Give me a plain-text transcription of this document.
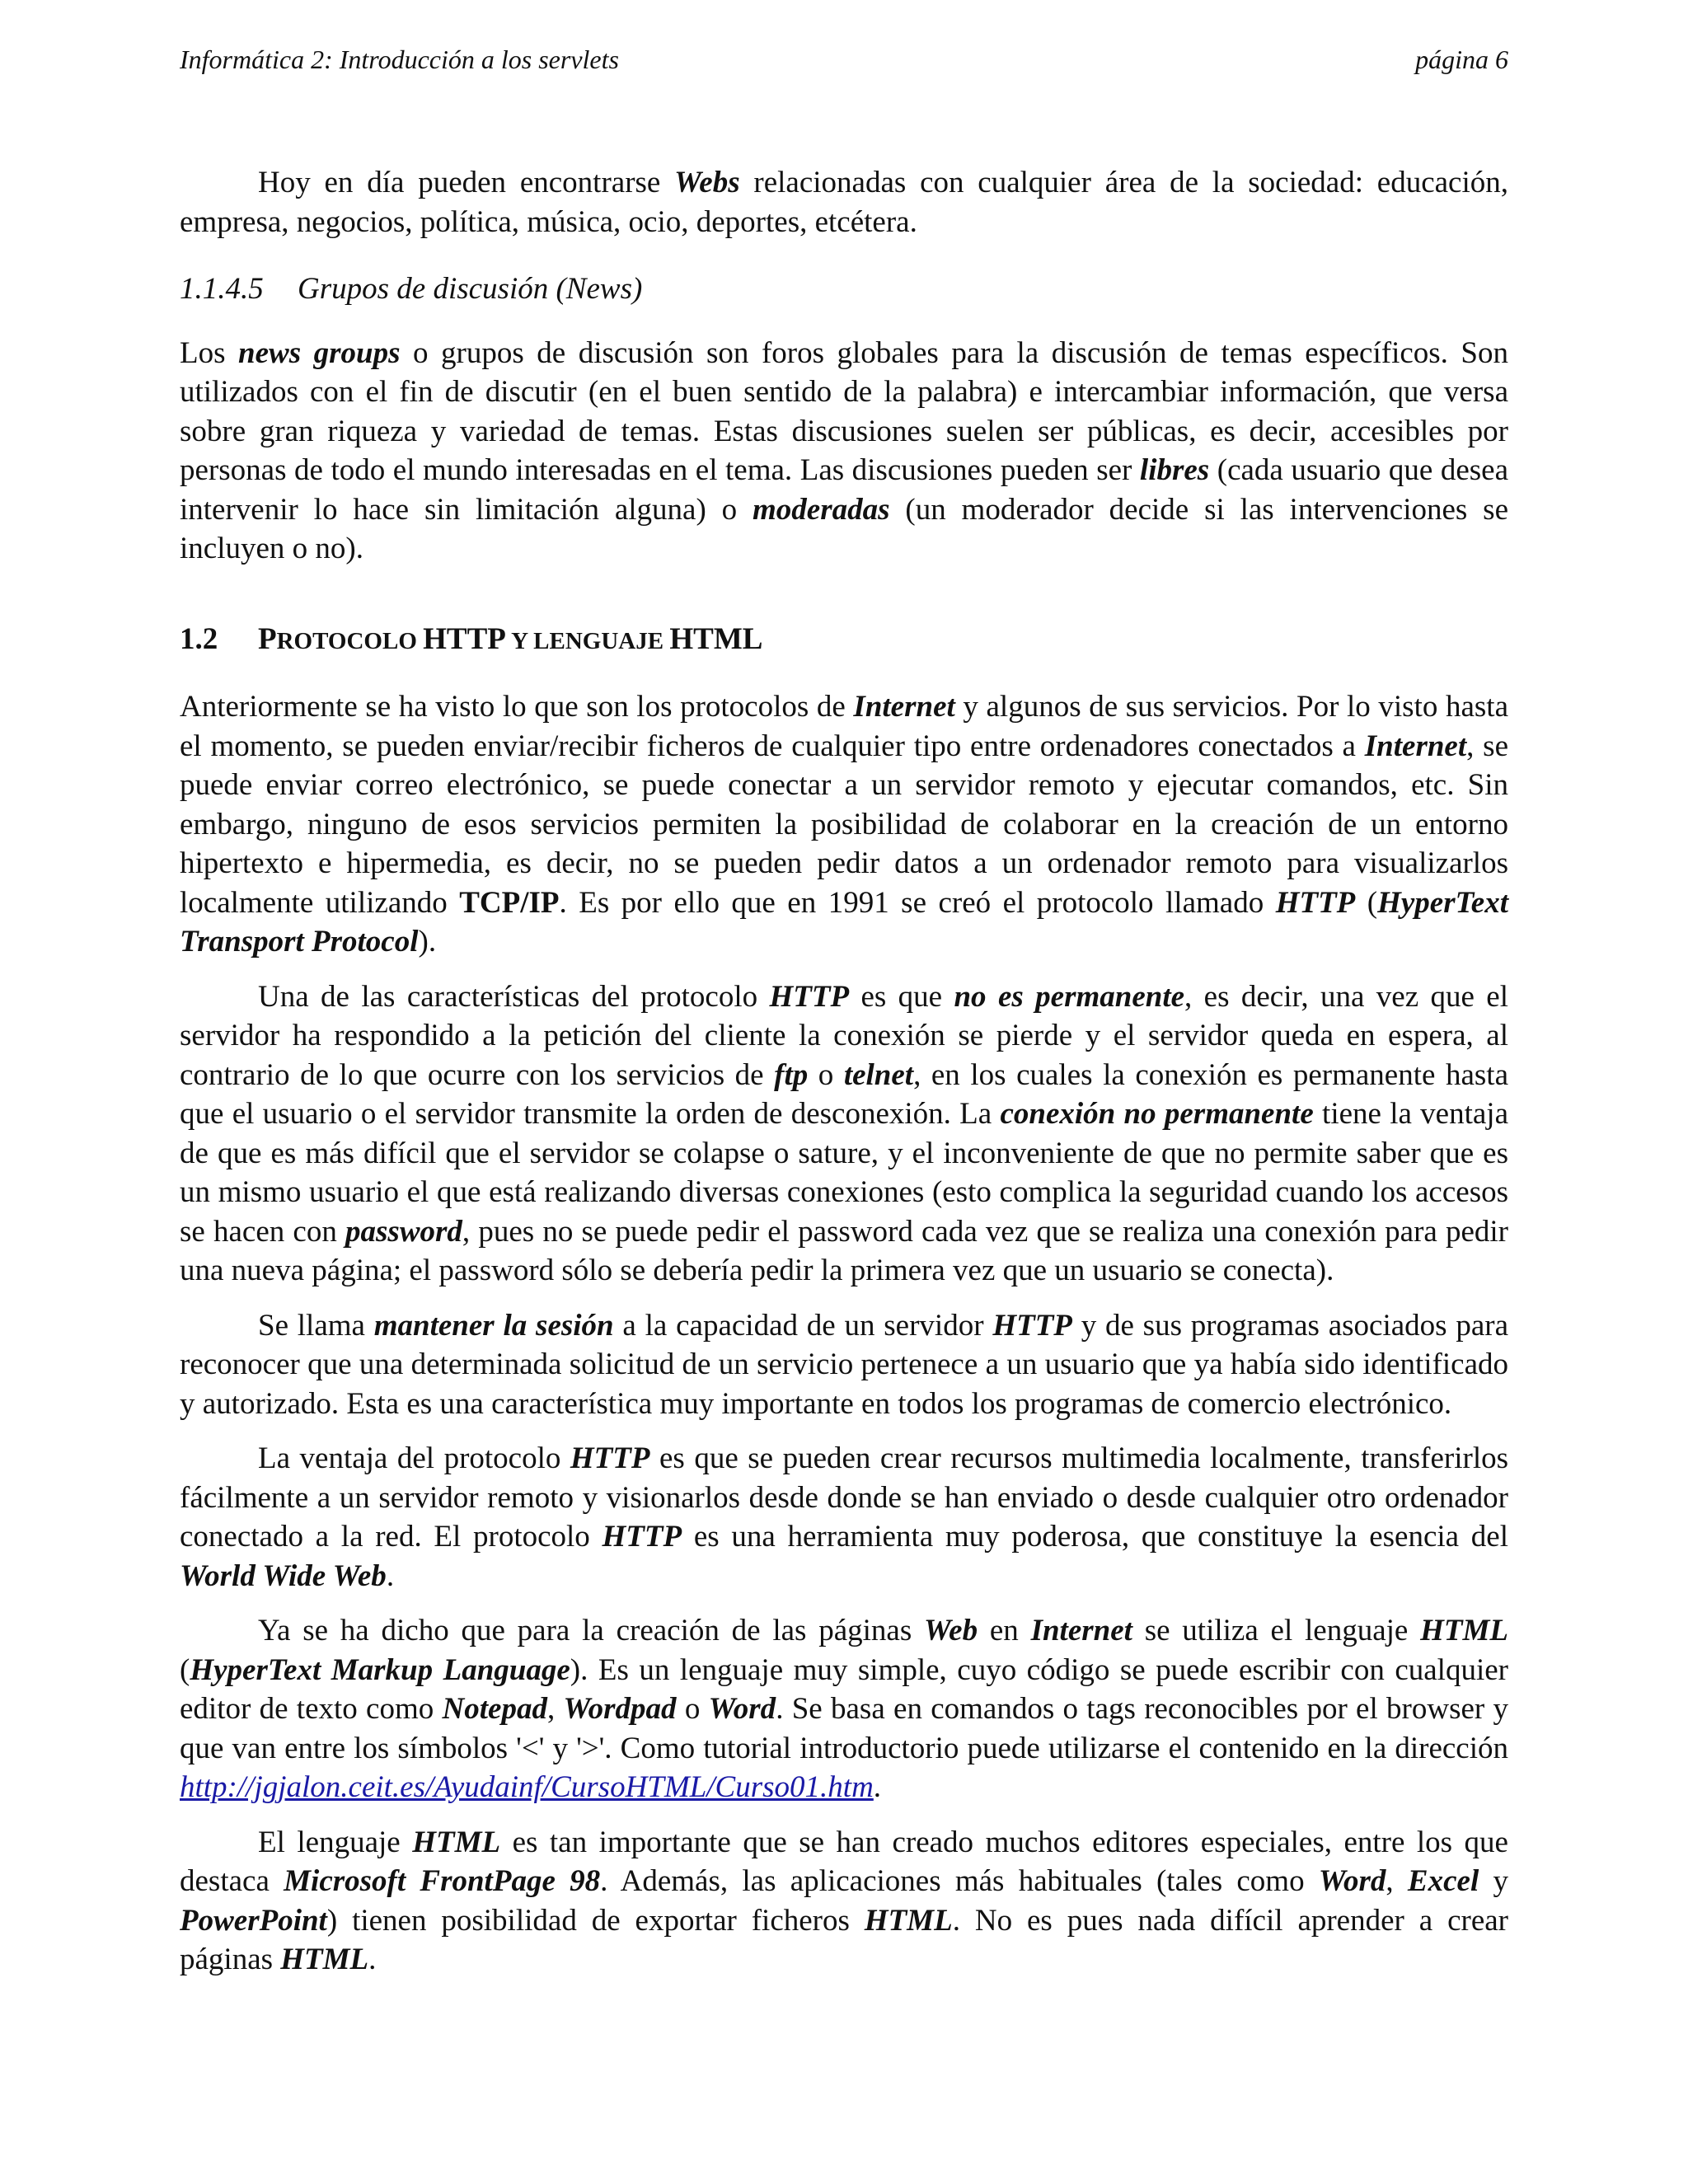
Informática 2: Introducción a los servlets	página 6

Hoy en día pueden encontrarse Webs relacionadas con cualquier área de la sociedad: educación, empresa, negocios, política, música, ocio, deportes, etcétera.

1.1.4.5 Grupos de discusión (News)

Los news groups o grupos de discusión son foros globales para la discusión de temas específicos. Son utilizados con el fin de discutir (en el buen sentido de la palabra) e intercambiar información, que versa sobre gran riqueza y variedad de temas. Estas discusiones suelen ser públicas, es decir, accesibles por personas de todo el mundo interesadas en el tema. Las discusiones pueden ser libres (cada usuario que desea intervenir lo hace sin limitación alguna) o moderadas (un moderador decide si las intervenciones se incluyen o no).

1.2 PROTOCOLO HTTP Y LENGUAJE HTML

Anteriormente se ha visto lo que son los protocolos de Internet y algunos de sus servicios. Por lo visto hasta el momento, se pueden enviar/recibir ficheros de cualquier tipo entre ordenadores conectados a Internet, se puede enviar correo electrónico, se puede conectar a un servidor remoto y ejecutar comandos, etc. Sin embargo, ninguno de esos servicios permiten la posibilidad de colaborar en la creación de un entorno hipertexto e hipermedia, es decir, no se pueden pedir datos a un ordenador remoto para visualizarlos localmente utilizando TCP/IP. Es por ello que en 1991 se creó el protocolo llamado HTTP (HyperText Transport Protocol).

Una de las características del protocolo HTTP es que no es permanente, es decir, una vez que el servidor ha respondido a la petición del cliente la conexión se pierde y el servidor queda en espera, al contrario de lo que ocurre con los servicios de ftp o telnet, en los cuales la conexión es permanente hasta que el usuario o el servidor transmite la orden de desconexión. La conexión no permanente tiene la ventaja de que es más difícil que el servidor se colapse o sature, y el inconveniente de que no permite saber que es un mismo usuario el que está realizando diversas conexiones (esto complica la seguridad cuando los accesos se hacen con password, pues no se puede pedir el password cada vez que se realiza una conexión para pedir una nueva página; el password sólo se debería pedir la primera vez que un usuario se conecta).

Se llama mantener la sesión a la capacidad de un servidor HTTP y de sus programas asociados para reconocer que una determinada solicitud de un servicio pertenece a un usuario que ya había sido identificado y autorizado. Esta es una característica muy importante en todos los programas de comercio electrónico.

La ventaja del protocolo HTTP es que se pueden crear recursos multimedia localmente, transferirlos fácilmente a un servidor remoto y visionarlos desde donde se han enviado o desde cualquier otro ordenador conectado a la red. El protocolo HTTP es una herramienta muy poderosa, que constituye la esencia del World Wide Web.

Ya se ha dicho que para la creación de las páginas Web en Internet se utiliza el lenguaje HTML (HyperText Markup Language). Es un lenguaje muy simple, cuyo código se puede escribir con cualquier editor de texto como Notepad, Wordpad o Word. Se basa en comandos o tags reconocibles por el browser y que van entre los símbolos '<' y '>'. Como tutorial introductorio puede utilizarse el contenido en la dirección http://jgjalon.ceit.es/Ayudainf/CursoHTML/Curso01.htm.

El lenguaje HTML es tan importante que se han creado muchos editores especiales, entre los que destaca Microsoft FrontPage 98. Además, las aplicaciones más habituales (tales como Word, Excel y PowerPoint) tienen posibilidad de exportar ficheros HTML. No es pues nada difícil aprender a crear páginas HTML.
